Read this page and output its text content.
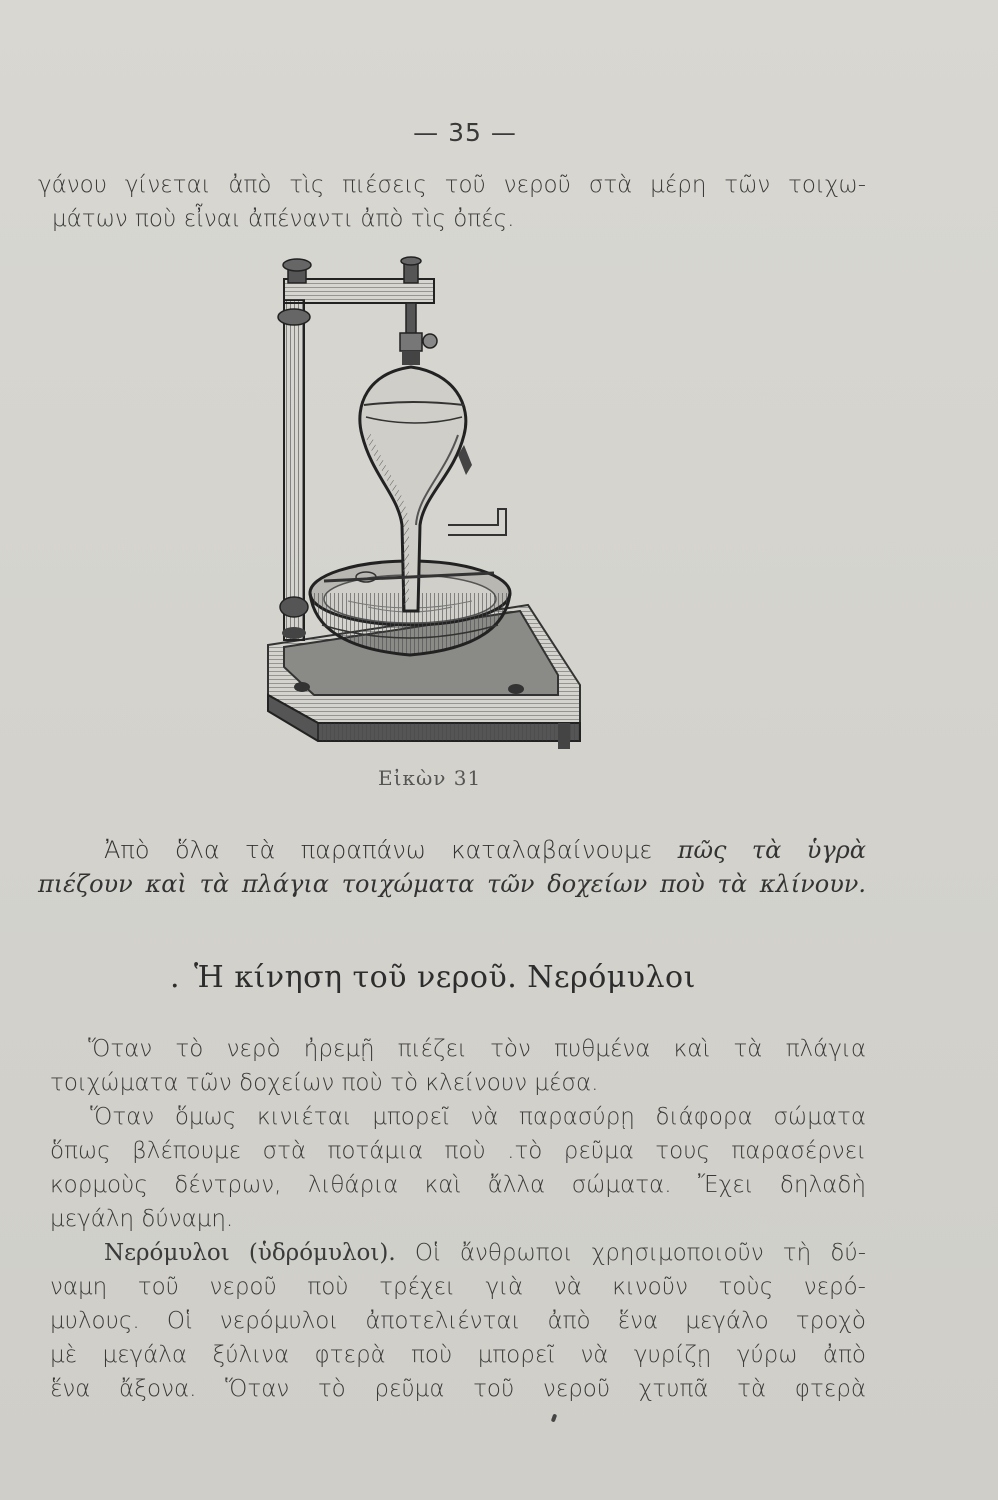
— 35 —
γάνου γίνεται ἀπὸ τὶς πιέσεις τοῦ νεροῦ στὰ μέρη τῶν τοιχω-
μάτων ποὺ εἶναι ἀπέναντι ἀπὸ τὶς ὀπές.
Εἰκὼν 31
Ἀπὸ ὅλα τὰ παραπάνω καταλαβαίνουμε πῶς τὰ ὑγρὰ
πιέζουν καὶ τὰ πλάγια τοιχώματα τῶν δοχείων ποὺ τὰ κλίνουν.
. Ἡ κίνηση τοῦ νεροῦ. Νερόμυλοι
Ὅταν τὸ νερὸ ἠρεμῇ πιέζει τὸν πυθμένα καὶ τὰ πλάγια
τοιχώματα τῶν δοχείων ποὺ τὸ κλείνουν μέσα.
Ὅταν ὅμως κινιέται μπορεῖ νὰ παρασύρῃ διάφορα σώματα
ὅπως βλέπουμε στὰ ποτάμια ποὺ .τὸ ρεῦμα τους παρασέρνει
κορμοὺς δέντρων, λιθάρια καὶ ἄλλα σώματα. Ἔχει δηλαδὴ
μεγάλη δύναμη.
Νερόμυλοι (ὑδρόμυλοι). Οἱ ἄνθρωποι χρησιμοποιοῦν τὴ δύ-
ναμη τοῦ νεροῦ ποὺ τρέχει γιὰ νὰ κινοῦν τοὺς νερό-
μυλους. Οἱ νερόμυλοι ἀποτελιένται ἀπὸ ἕνα μεγάλο τροχὸ
μὲ μεγάλα ξύλινα φτερὰ ποὺ μπορεῖ νὰ γυρίζῃ γύρω ἀπὸ
ἕνα ἄξονα. Ὅταν τὸ ρεῦμα τοῦ νεροῦ χτυπᾶ τὰ φτερὰ
